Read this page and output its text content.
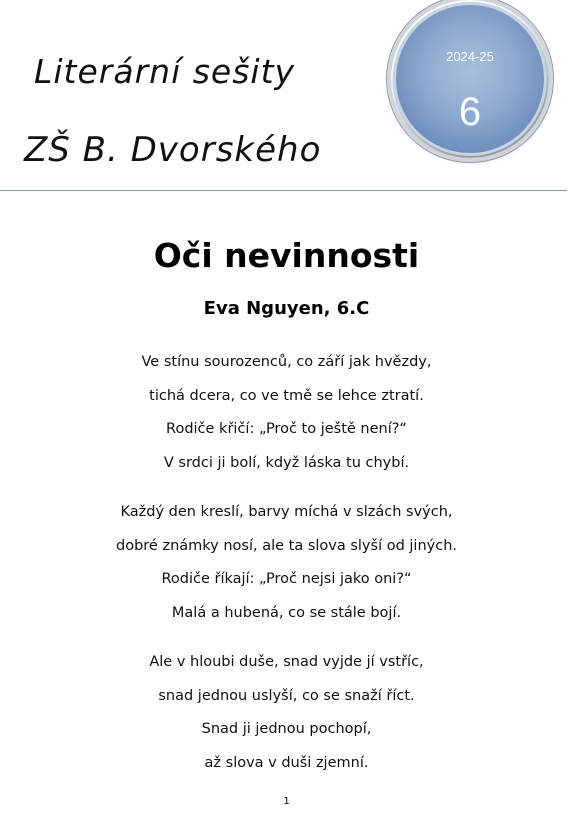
Literární sešity
ZŠ B. Dvorského
2024-25
6
Oči nevinnosti
Eva Nguyen, 6.C
Ve stínu sourozenců, co září jak hvězdy,
tichá dcera, co ve tmě se lehce ztratí.
Rodiče křičí: „Proč to ještě není?“
V srdci ji bolí, když láska tu chybí.
Každý den kreslí, barvy míchá v slzách svých,
dobré známky nosí, ale ta slova slyší od jiných.
Rodiče říkají: „Proč nejsi jako oni?“
Malá a hubená, co se stále bojí.
Ale v hloubi duše, snad vyjde jí vstříc,
snad jednou uslyší, co se snaží říct.
Snad ji jednou pochopí,
až slova v duši zjemní.
1
